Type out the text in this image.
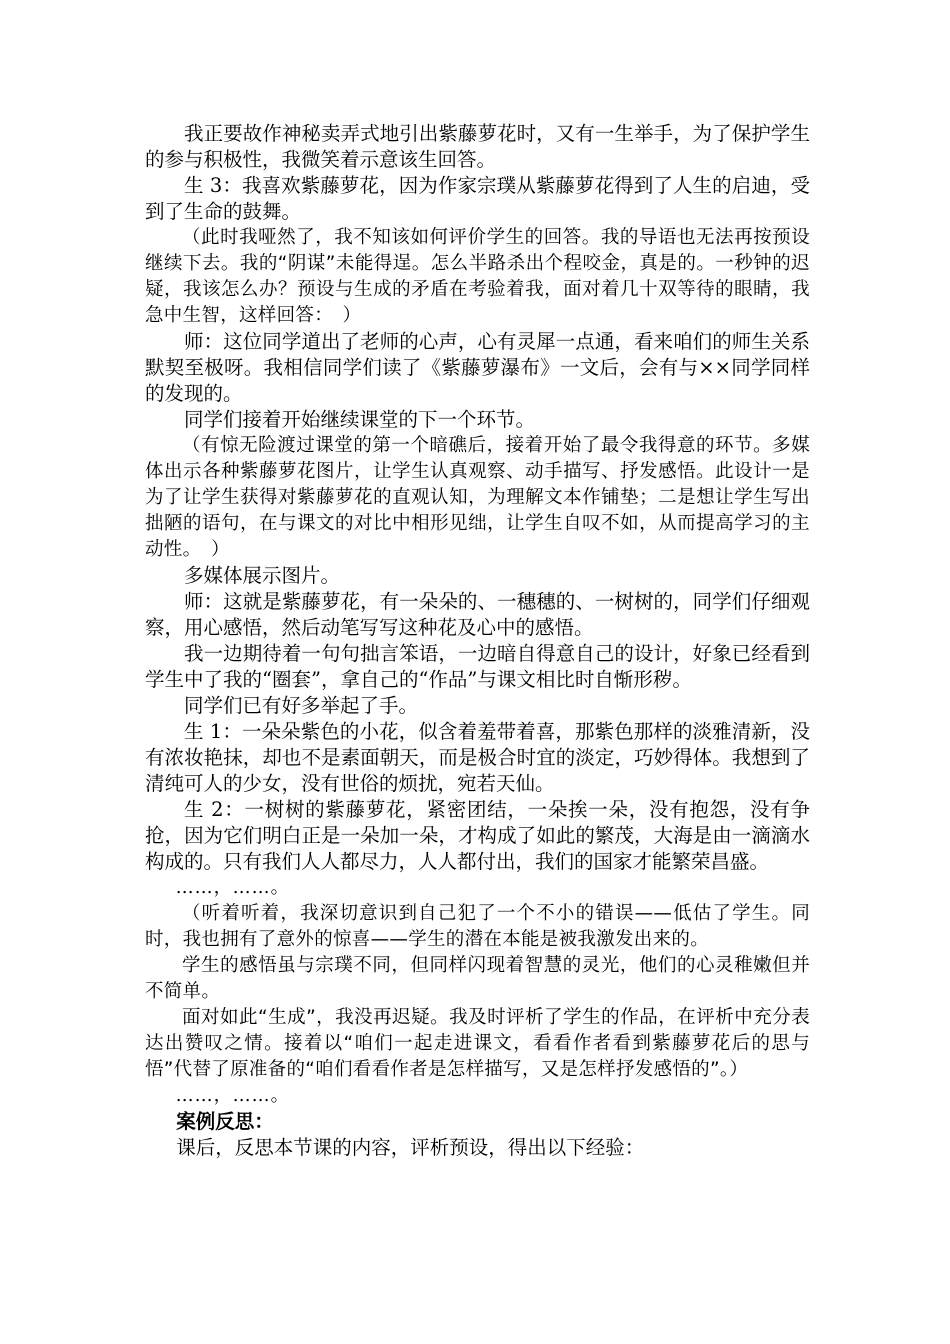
我正要故作神秘卖弄式地引出紫藤萝花时，又有一生举手，为了保护学生的参与积极性，我微笑着示意该生回答。

生 3：我喜欢紫藤萝花，因为作家宗璞从紫藤萝花得到了人生的启迪，受到了生命的鼓舞。

（此时我哑然了，我不知该如何评价学生的回答。我的导语也无法再按预设继续下去。我的“阴谋”未能得逞。怎么半路杀出个程咬金，真是的。一秒钟的迟疑，我该怎么办？预设与生成的矛盾在考验着我，面对着几十双等待的眼睛，我急中生智，这样回答：　）

师：这位同学道出了老师的心声，心有灵犀一点通，看来咱们的师生关系默契至极呀。我相信同学们读了《紫藤萝瀑布》一文后，会有与××同学同样的发现的。

同学们接着开始继续课堂的下一个环节。

（有惊无险渡过课堂的第一个暗礁后，接着开始了最令我得意的环节。多媒体出示各种紫藤萝花图片，让学生认真观察、动手描写、抒发感悟。此设计一是为了让学生获得对紫藤萝花的直观认知，为理解文本作铺垫；二是想让学生写出拙陋的语句，在与课文的对比中相形见绌，让学生自叹不如，从而提高学习的主动性。　）

多媒体展示图片。

师：这就是紫藤萝花，有一朵朵的、一穗穗的、一树树的，同学们仔细观察，用心感悟，然后动笔写写这种花及心中的感悟。

我一边期待着一句句拙言笨语，一边暗自得意自己的设计，好象已经看到学生中了我的“圈套”，拿自己的“作品”与课文相比时自惭形秽。

同学们已有好多举起了手。

生 1：一朵朵紫色的小花，似含着羞带着喜，那紫色那样的淡雅清新，没有浓妆艳抹，却也不是素面朝天，而是极合时宜的淡定，巧妙得体。我想到了清纯可人的少女，没有世俗的烦扰，宛若天仙。

生 2：一树树的紫藤萝花，紧密团结，一朵挨一朵，没有抱怨，没有争抢，因为它们明白正是一朵加一朵，才构成了如此的繁茂，大海是由一滴滴水构成的。只有我们人人都尽力，人人都付出，我们的国家才能繁荣昌盛。

……，……。

（听着听着，我深切意识到自己犯了一个不小的错误——低估了学生。同时，我也拥有了意外的惊喜——学生的潜在本能是被我激发出来的。

学生的感悟虽与宗璞不同，但同样闪现着智慧的灵光，他们的心灵稚嫩但并不简单。

面对如此“生成”，我没再迟疑。我及时评析了学生的作品，在评析中充分表达出赞叹之情。接着以“咱们一起走进课文，看看作者看到紫藤萝花后的思与悟”代替了原准备的“咱们看看作者是怎样描写，又是怎样抒发感悟的”。）

……，……。

案例反思：

课后，反思本节课的内容，评析预设，得出以下经验：
